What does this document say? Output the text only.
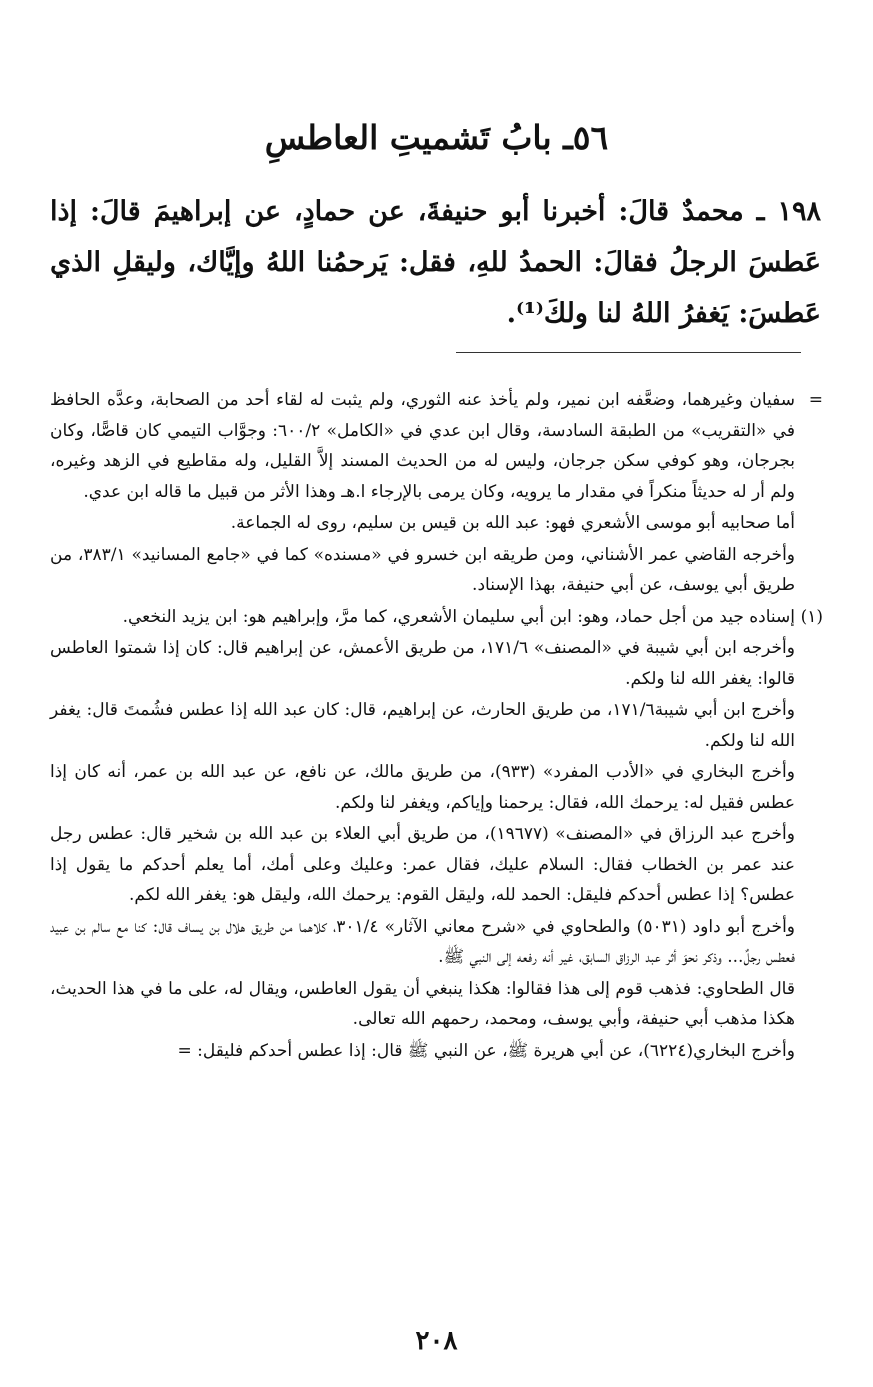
٥٦ـ بابُ تَشميتِ العاطسِ

١٩٨ ـ محمدٌ قالَ: أخبرنا أبو حنيفةَ، عن حمادٍ، عن إبراهيمَ قالَ: إذا عَطسَ الرجلُ فقالَ: الحمدُ للهِ، فقل: يَرحمُنا اللهُ وإيَّاك، وليقلِ الذي عَطسَ: يَغفرُ اللهُ لنا ولكَ⁽¹⁾.

=
سفيان وغيرهما، وضعَّفه ابن نمير، ولم يأخذ عنه الثوري، ولم يثبت له لقاء أحد من الصحابة، وعدَّه الحافظ في «التقريب» من الطبقة السادسة، وقال ابن عدي في «الكامل» ٦٠٠/٢: وجوَّاب التيمي كان قاصًّا، وكان بجرجان، وهو كوفي سكن جرجان، وليس له من الحديث المسند إلاَّ القليل، وله مقاطيع في الزهد وغيره، ولم أر له حديثاً منكراً في مقدار ما يرويه، وكان يرمى بالإرجاء ا.هـ وهذا الأثر من قبيل ما قاله ابن عدي.

أما صحابيه أبو موسى الأشعري فهو: عبد الله بن قيس بن سليم، روى له الجماعة.

وأخرجه القاضي عمر الأشناني، ومن طريقه ابن خسرو في «مسنده» كما في «جامع المسانيد» ٣٨٣/١، من طريق أبي يوسف، عن أبي حنيفة، بهذا الإسناد.

(١)
إسناده جيد من أجل حماد، وهو: ابن أبي سليمان الأشعري، كما مرَّ، وإبراهيم هو: ابن يزيد النخعي.

وأخرجه ابن أبي شيبة في «المصنف» ١٧١/٦، من طريق الأعمش، عن إبراهيم قال: كان إذا شمتوا العاطس قالوا: يغفر الله لنا ولكم.

وأخرج ابن أبي شيبة١٧١/٦، من طريق الحارث، عن إبراهيم، قال: كان عبد الله إذا عطس فشُمتَ قال: يغفر الله لنا ولكم.

وأخرج البخاري في «الأدب المفرد» (٩٣٣)، من طريق مالك، عن نافع، عن عبد الله بن عمر، أنه كان إذا عطس فقيل له: يرحمك الله، فقال: يرحمنا وإياكم، ويغفر لنا ولكم.

وأخرج عبد الرزاق في «المصنف» (١٩٦٧٧)، من طريق أبي العلاء بن عبد الله بن شخير قال: عطس رجل عند عمر بن الخطاب فقال: السلام عليك، فقال عمر: وعليك وعلى أمك، أما يعلم أحدكم ما يقول إذا عطس؟ إذا عطس أحدكم فليقل: الحمد لله، وليقل القوم: يرحمك الله، وليقل هو: يغفر الله لكم.

وأخرج أبو داود (٥٠٣١) والطحاوي في «شرح معاني الآثار» ٣٠١/٤، كلاهما من طريق هلال بن يساف قال: كنا مع سالم بن عبيد فعطس رجلٌ... وذكر نحوَ أثر عبد الرزاق السابق، غير أنه رفعه إلى النبي ﷺ.

قال الطحاوي: فذهب قوم إلى هذا فقالوا: هكذا ينبغي أن يقول العاطس، ويقال له، على ما في هذا الحديث، هكذا مذهب أبي حنيفة، وأبي يوسف، ومحمد، رحمهم الله تعالى.

وأخرج البخاري(٦٢٢٤)، عن أبي هريرة ﷺ، عن النبي ﷺ قال: إذا عطس أحدكم فليقل: =

٢٠٨
